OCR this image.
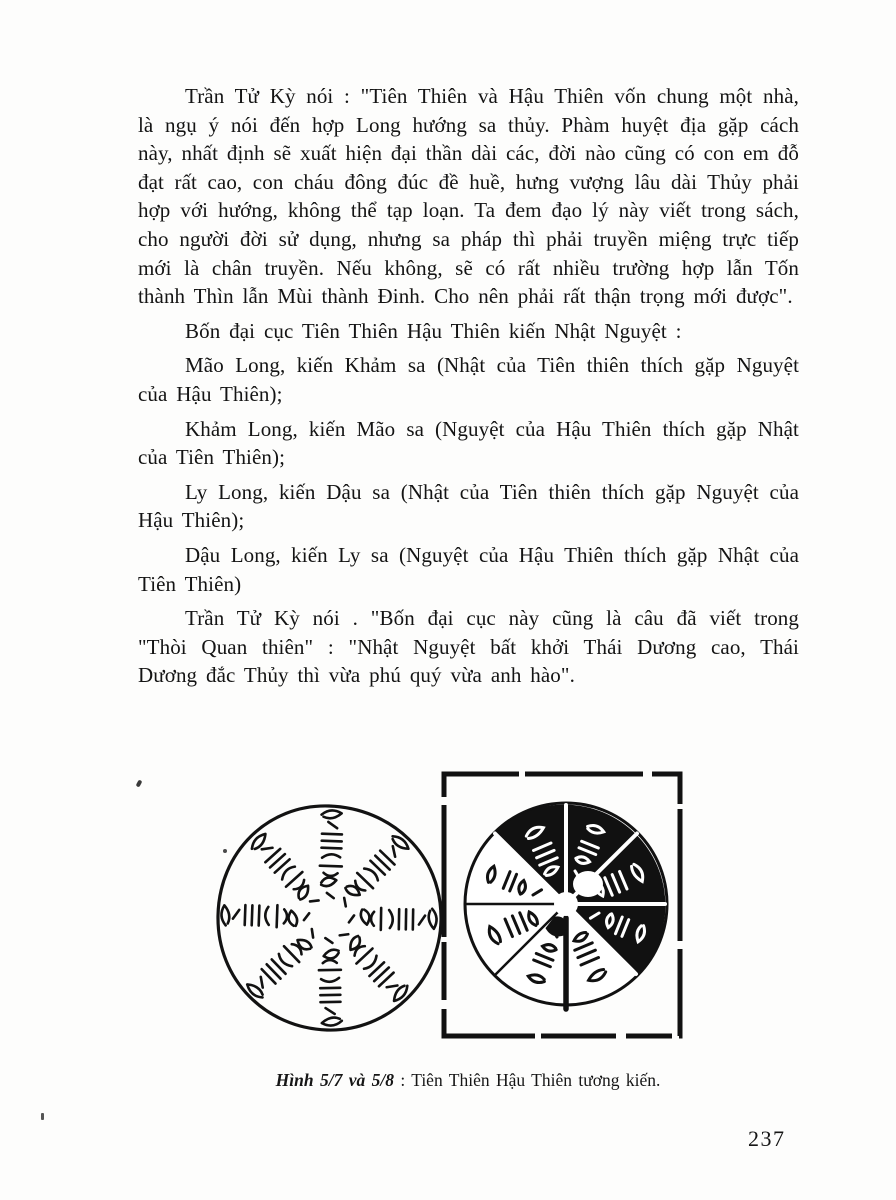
Trần Tử Kỳ nói : "Tiên Thiên và Hậu Thiên vốn chung một nhà, là ngụ ý nói đến hợp Long hướng sa thủy. Phàm huyệt địa gặp cách này, nhất định sẽ xuất hiện đại thần dài các, đời nào cũng có con em đỗ đạt rất cao, con cháu đông đúc đề huề, hưng vượng lâu dài Thủy phải hợp với hướng, không thể tạp loạn. Ta đem đạo lý này viết trong sách, cho người đời sử dụng, nhưng sa pháp thì phải truyền miệng trực tiếp mới là chân truyền. Nếu không, sẽ có rất nhiều trường hợp lẫn Tốn thành Thìn lẫn Mùi thành Đinh. Cho nên phải rất thận trọng mới được".

Bốn đại cục Tiên Thiên Hậu Thiên kiến Nhật Nguyệt :

Mão Long, kiến Khảm sa (Nhật của Tiên thiên thích gặp Nguyệt của Hậu Thiên);

Khảm Long, kiến Mão sa (Nguyệt của Hậu Thiên thích gặp Nhật của Tiên Thiên);

Ly Long, kiến Dậu sa (Nhật của Tiên thiên thích gặp Nguyệt của Hậu Thiên);

Dậu Long, kiến Ly sa (Nguyệt của Hậu Thiên thích gặp Nhật của Tiên Thiên)

Trần Tử Kỳ nói . "Bốn đại cục này cũng là câu đã viết trong "Thòi Quan thiên" : "Nhật Nguyệt bất khởi Thái Dương cao, Thái Dương đắc Thủy thì vừa phú quý vừa anh hào".

Hình 5/7 và 5/8 : Tiên Thiên Hậu Thiên tương kiến.
237
